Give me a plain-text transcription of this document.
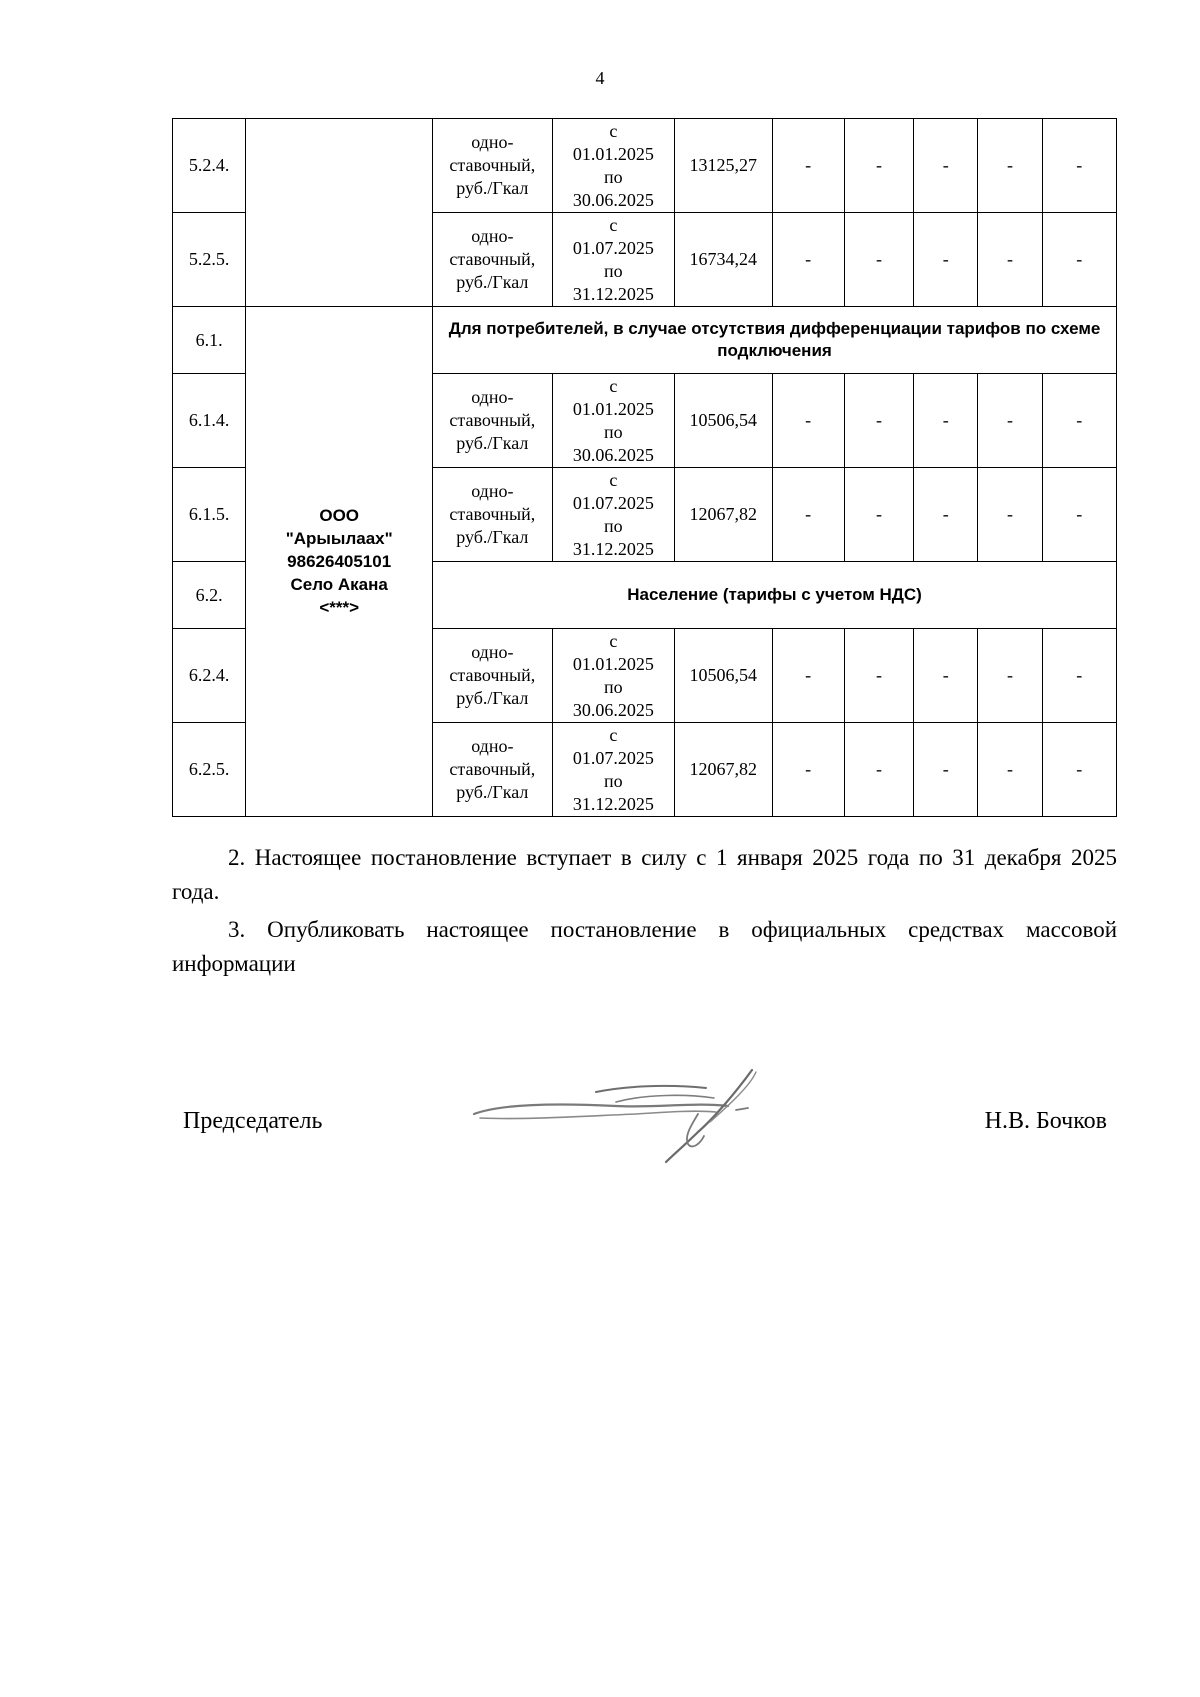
4
5.2.4.		одно-
ставочный,
руб./Гкал	с
01.01.2025
по
30.06.2025	13125,27	-	-	-	-	-
5.2.5.		одно-
ставочный,
руб./Гкал	с
01.07.2025
по
31.12.2025	16734,24	-	-	-	-	-
6.1.	ООО
"Арыылаах"
98626405101
Село Акана
<***>	Для потребителей, в случае отсутствия дифференциации тарифов по схеме подключения							
6.1.4.		одно-
ставочный,
руб./Гкал	с
01.01.2025
по
30.06.2025	10506,54	-	-	-	-	-
6.1.5.		одно-
ставочный,
руб./Гкал	с
01.07.2025
по
31.12.2025	12067,82	-	-	-	-	-
6.2.		Население (тарифы с учетом НДС)							
6.2.4.		одно-
ставочный,
руб./Гкал	с
01.01.2025
по
30.06.2025	10506,54	-	-	-	-	-
6.2.5.		одно-
ставочный,
руб./Гкал	с
01.07.2025
по
31.12.2025	12067,82	-	-	-	-	-

2. Настоящее постановление вступает в силу с 1 января 2025 года по 31 декабря 2025 года.

3. Опубликовать настоящее постановление в официальных средствах массовой информации

Председатель	Н.В. Бочков
